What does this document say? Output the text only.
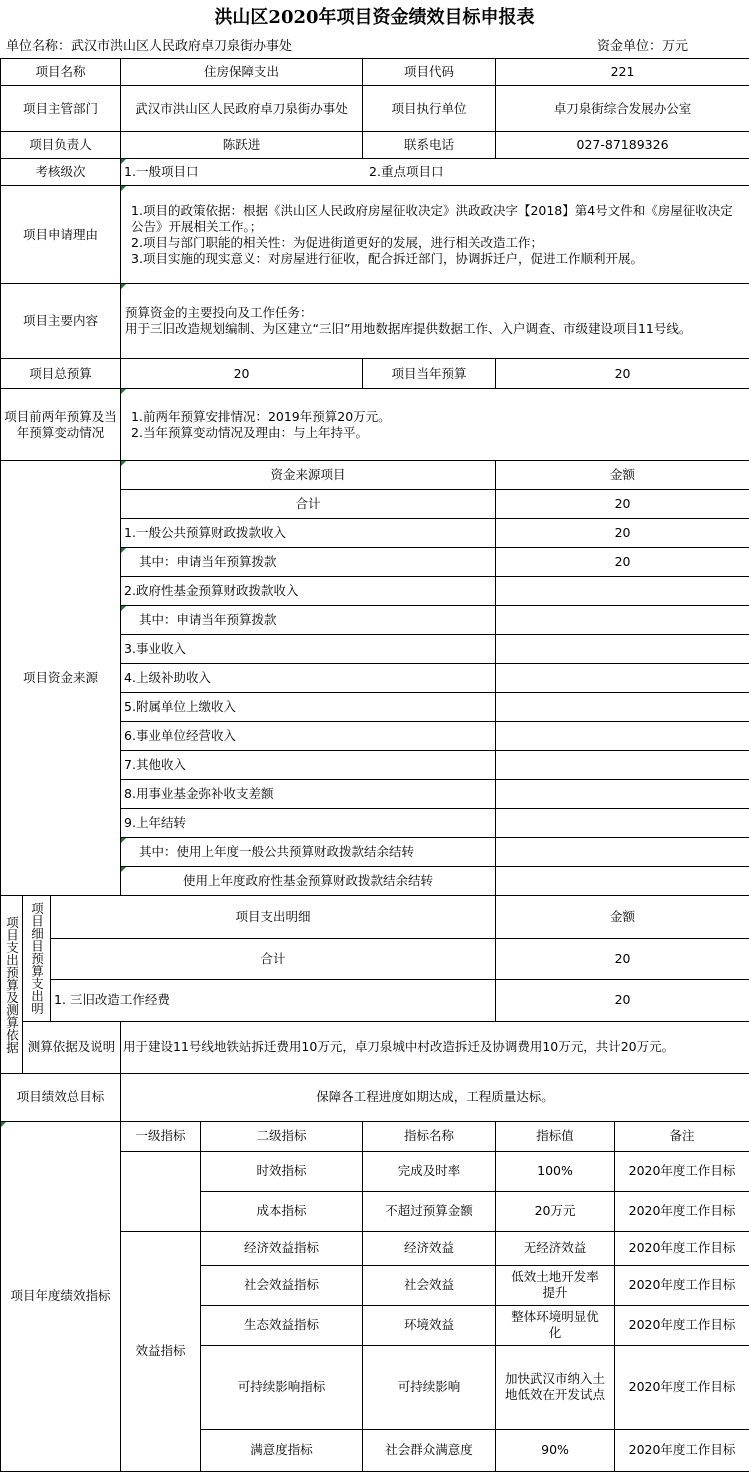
洪山区2020年项目资金绩效目标申报表
单位名称：武汉市洪山区人民政府卓刀泉街办事处	资金单位：万元
项目名称			住房保障支出		项目代码	221	
项目主管部门			武汉市洪山区人民政府卓刀泉街办事处		项目执行单位	卓刀泉街综合发展办公室	
项目负责人			陈跃进		联系电话	027-87189326	
考核级次			1.一般项目口 2.重点项目口				
项目申请理由			1.项目的政策依据：根据《洪山区人民政府房屋征收决定》洪政政决字【2018】第4号文件和《房屋征收决定公告》开展相关工作。；
2.项目与部门职能的相关性：为促进街道更好的发展，进行相关改造工作；
3.项目实施的现实意义：对房屋进行征收，配合拆迁部门，协调拆迁户，促进工作顺利开展。				

项目主要内容			预算资金的主要投向及工作任务：
用于三旧改造规划编制、为区建立“三旧”用地数据库提供数据工作、入户调查、市级建设项目11号线。				

项目总预算			20		项目当年预算	20	
项目前两年预算及当年预算变动情况			1.前两年预算安排情况：2019年预算20万元。
2.当年预算变动情况及理由：与上年持平。				

项目资金来源			资金来源项目			金额	
			合计			20	
			1.一般公共预算财政拨款收入			20	
			其中：申请当年预算拨款			20	
			2.政府性基金预算财政拨款收入				
			其中：申请当年预算拨款				
			3.事业收入				
			4.上级补助收入				
			5.附属单位上缴收入				
			6.事业单位经营收入				
			7.其他收入				
			8.用事业基金弥补收支差额				
			9.上年结转				
			其中：使用上年度一般公共预算财政拨款结余结转				
			使用上年度政府性基金预算财政拨款结余结转				
项目支出预算及测算依据	项目细目预算支出明	项目支出明细				金额	
		合计				20	
		1. 三旧改造工作经费				20	

	测算依据及说明		用于建设11号线地铁站拆迁费用10万元，卓刀泉城中村改造拆迁及协调费用10万元，共计20万元。				
项目绩效总目标			保障各工程进度如期达成，工程质量达标。				
项目年度绩效指标			一级指标	二级指标	指标名称	指标值	备注
				时效指标	完成及时率	100%	2020年度工作目标
				成本指标	不超过预算金额	20万元	2020年度工作目标
			效益指标	经济效益指标	经济效益	无经济效益	2020年度工作目标
				社会效益指标	社会效益	低效土地开发率提升	2020年度工作目标
				生态效益指标	环境效益	整体环境明显优化	2020年度工作目标
				可持续影响指标	可持续影响	加快武汉市纳入土地低效在开发试点	2020年度工作目标
				满意度指标	社会群众满意度	90%	2020年度工作目标
